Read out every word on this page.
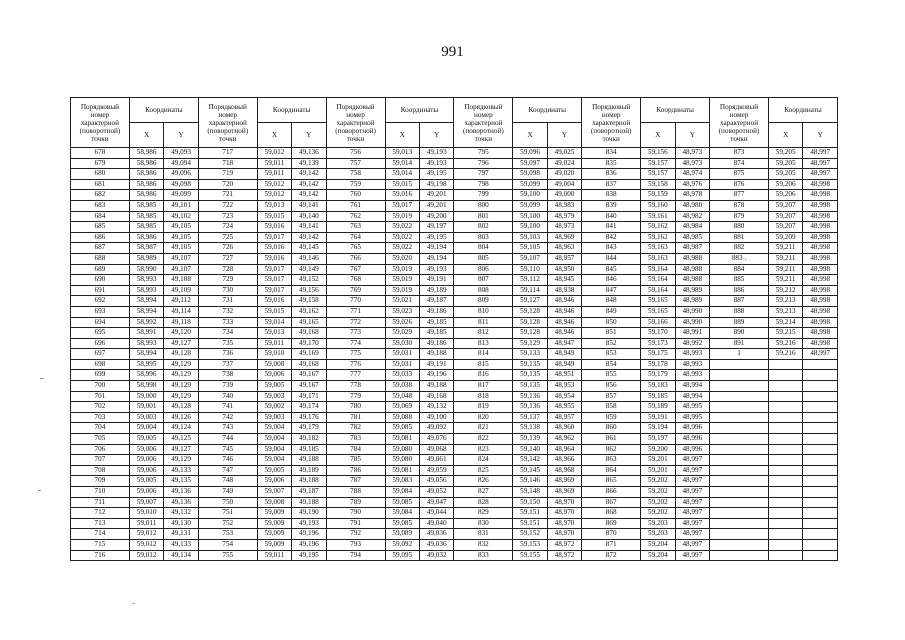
991
Порядковый номер характерной (поворотной) точки	Координаты		Порядковый номер характерной (поворотной) точки	Координаты		Порядковый номер характерной (поворотной) точки	Координаты		Порядковый номер характерной (поворотной) точки	Координаты		Порядковый номер характерной (поворотной) точки	Координаты		Порядковый номер характерной (поворотной) точки	Координаты	
	X	Y		X	Y		X	Y		X	Y		X	Y		X	Y
678	58,986	49,093	717	59,012	49,136	756	59,013	49,193	795	59,096	49,025	834	59,156	48,973	873	59,205	48,997
679	58,986	49,094	718	59,011	49,139	757	59,014	49,193	796	59,097	49,024	835	59,157	48,973	874	59,205	48,997
680	58,986	49,096	719	59,011	49,142	758	59,014	49,195	797	59,098	49,020	836	59,157	48,974	875	59,205	48,997
681	58,986	49,098	720	59,012	49,142	759	59,015	49,198	798	59,099	49,004	837	59,158	48,976	876	59,206	48,998
682	58,986	49,099	721	59,012	49,142	760	59,016	49,201	799	59,100	49,000	838	59,159	48,978	877	59,206	48,998
683	58,985	49,101	722	59,013	49,141	761	59,017	49,201	800	59,099	48,983	839	59,160	48,980	878	59,207	48,998
684	58,985	49,102	723	59,015	49,140	762	59,019	49,200	801	59,100	48,979	840	59,161	48,982	879	59,207	48,998
685	58,985	49,105	724	59,016	49,141	763	59,022	49,197	802	59,100	48,973	841	59,162	48,984	880	59,207	48,998
686	58,986	49,105	725	59,017	49,142	764	59,022	49,195	803	59,103	48,969	842	59,162	48,985	881	59,209	48,998
687	58,987	49,105	726	59,016	49,145	765	59,022	49,194	804	59,105	48,963	843	59,163	48,987	882	59,211	48,998
688	58,989	49,107	727	59,016	49,146	766	59,020	49,194	805	59,107	48,957	844	59,163	48,988	883 .	59,211	48,998
689	58,990	49,107	728	59,017	49,149	767	59,019	49,193	806	59,110	48,950	845	59,164	48,988	884	59,211	48,998
690	58,993	49,108	729	59,017	49,152	768	59,019	49,191	807	59,112	48,945	846	59,164	48,988	885	59,211	48,998
691	58,993	49,109	730	59,017	49,156	769	59,019	49,189	808	59,114	48,938	847	59,164	48,989	886	59,212	48,998
692	58,994	49,112	731	59,016	49,158	770	59,021	49,187	809	59,127	48,946	848	59,165	48,989	887	59,213	48,998
693	58,994	49,114	732	59,015	49,162	771	59,023	49,186	810	59,128	48,946	849	59,165	48,990	888	59,213	48,998
694	58,992	49,118	733	59,014	49,165	772	59,026	49,185	811	59,128	48,946	850	59,166	48,990	889	59,214	48,998
695	58,991	49,120	734	59,013	49,168	773	59,029	49,185	812	59,128	48,946	851	59,170	48,991	890	59,215	48,998
696	58,993	49,127	735	59,011	49,170	774	59,030	49,186	813	59,129	48,947	852	59,173	48,992	891	59,216	48,998
697	58,994	49,128	736	59,010	49,169	775	59,031	49,188	814	59,133	48,949	853	59,175	48,993	1	59,216	48,997
698	58,995	49,129	737	59,008	49,168	776	59,031	49,191	815	59,135	48,949	854	59,178	48,993			
699	58,996	49,129	738	59,006	49,167	777	59,033	49,196	816	59,135	48,951	855	59,179	48,993			
700	58,998	49,129	739	59,005	49,167	778	59,038	49,188	817	59,135	48,953	856	59,183	48,994			
701	59,000	49,129	740	59,003	49,171	779	59,048	49,168	818	59,136	48,954	857	59,185	48,994			
702	59,001	49,128	741	59,002	49,174	780	59,069	49,132	819	59,136	48,955	858	59,189	48,995			
703	59,003	49,126	742	59,003	49,176	781	59,088	49,100	820	59,137	48,957	859	59,191	48,995			
704	59,004	49,124	743	59,004	49,179	782	59,085	49,092	821	59,138	48,960	860	59,194	48,996			
705	59,005	49,125	744	59,004	49,182	783	59,081	49,076	822	59,139	48,962	861	59,197	48,996			
706	59,006	49,127	745	59,004	49,185	784	59,080	49,068	823	59,140	48,964	862	59,200	48,996			
707	59,006	49,129	746	59,004	49,188	785	59,080	49,061	824	59,142	48,966	863	59,201	48,997			
708	59,006	49,133	747	59,005	49,189	786	59,081	49,059	825	59,145	48,968	864	59,201	48,997			
709	59,005	49,135	748	59,006	49,188	787	59,083	49,056	826	59,146	48,969	865	59,202	48,997			
710	59,006	49,136	749	59,007	49,187	788	59,084	49,052	827	59,148	48,969	866	59,202	48,997			
711	59,007	49,136	750	59,008	49,188	789	59,085	49,047	828	59,150	48,970	867	59,202	48,997			
712	59,010	49,132	751	59,009	49,190	790	59,084	49,044	829	59,151	48,970	868	59,202	48,997			
713	59,011	49,130	752	59,009	49,193	791	59,085	49,040	830	59,151	48,970	869	59,203	48,997			
714	59,012	49,131	753	59,009	49,196	792	59,089	49,036	831	59,152	48,970	870	59,203	48,997			
715	59,012	49,133	754	59,009	49,196	793	59,092	49,036	832	59,153	48,972	871	59,204	48,997			
716	59,012	49,134	755	59,011	49,195	794	59,095	49,032	833	59,155	48,972	872	59,204	48,997			
